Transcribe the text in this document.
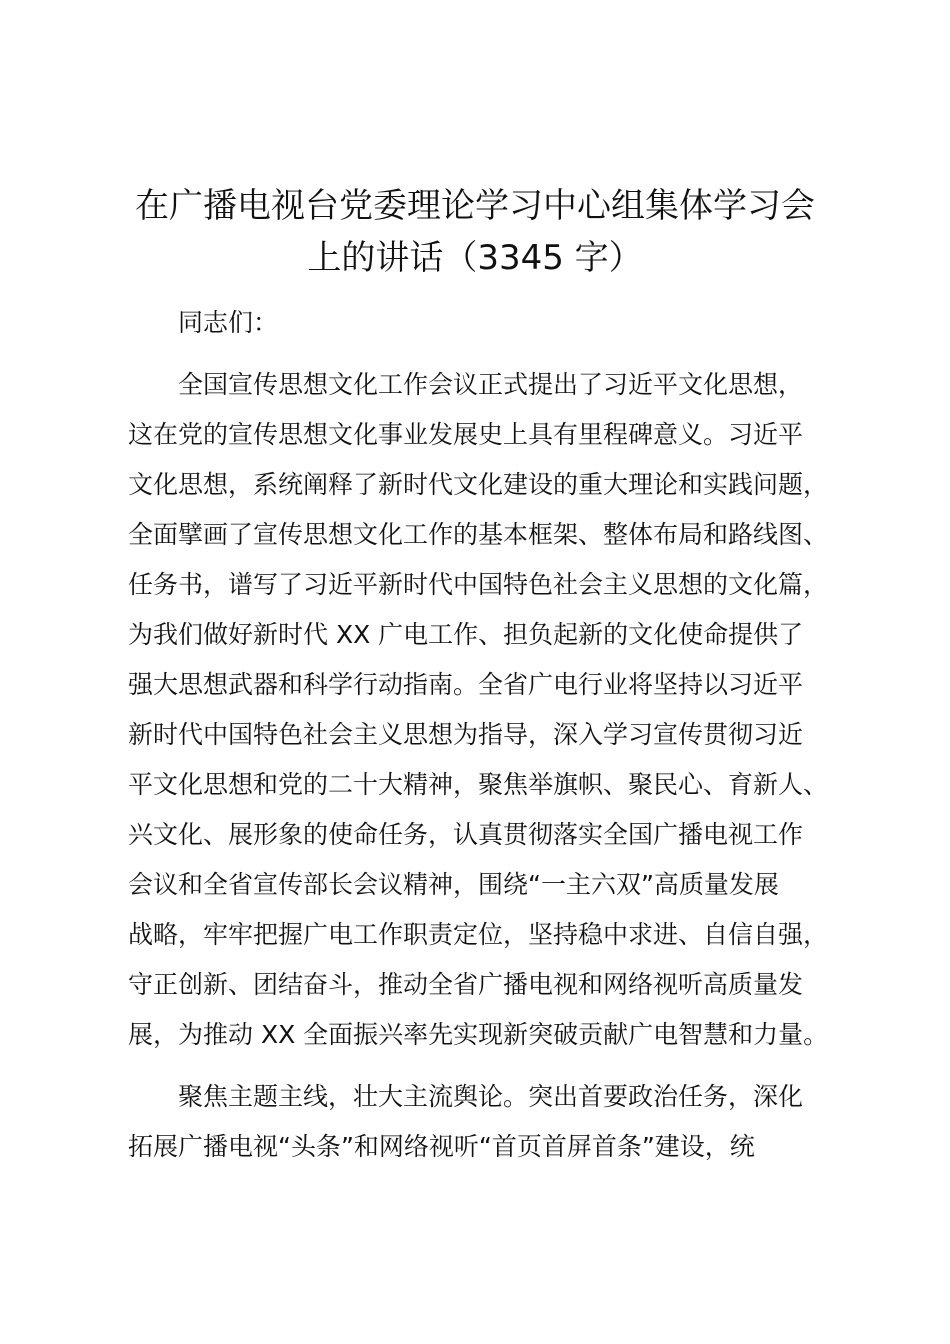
在广播电视台党委理论学习中心组集体学习会
上的讲话（3345 字）

同志们：

全国宣传思想文化工作会议正式提出了习近平文化思想，
这在党的宣传思想文化事业发展史上具有里程碑意义。习近平
文化思想，系统阐释了新时代文化建设的重大理论和实践问题，
全面擘画了宣传思想文化工作的基本框架、整体布局和路线图、
任务书，谱写了习近平新时代中国特色社会主义思想的文化篇，
为我们做好新时代 XX 广电工作、担负起新的文化使命提供了
强大思想武器和科学行动指南。全省广电行业将坚持以习近平
新时代中国特色社会主义思想为指导，深入学习宣传贯彻习近
平文化思想和党的二十大精神，聚焦举旗帜、聚民心、育新人、
兴文化、展形象的使命任务，认真贯彻落实全国广播电视工作
会议和全省宣传部长会议精神，围绕“一主六双”高质量发展
战略，牢牢把握广电工作职责定位，坚持稳中求进、自信自强，
守正创新、团结奋斗，推动全省广播电视和网络视听高质量发
展，为推动 XX 全面振兴率先实现新突破贡献广电智慧和力量。

聚焦主题主线，壮大主流舆论。突出首要政治任务，深化
拓展广播电视“头条”和网络视听“首页首屏首条”建设，统
